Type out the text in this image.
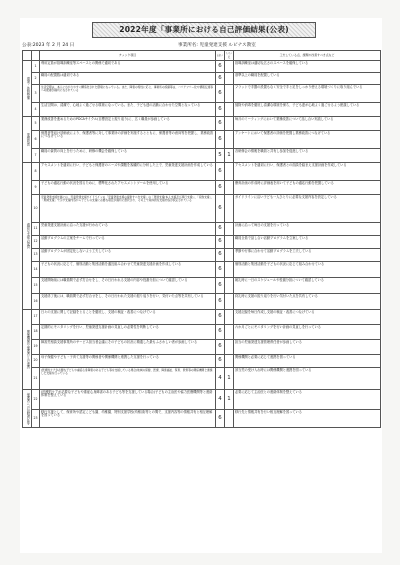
2022年度「事業所における自己評価結果(公表)
公表:2023 年 2 月 24 日	事業所名: 児童発達支援 ルピナス教室
		チェック項目	はい	いいえ	工夫している点、課題や改善すべき点など
環境・体制整備	1	利用定員が指導訓練室等スペースとの関係で適切である	6		指導訓練室は適切な広さのスペースを確保している
	2	職員の配置数は適切である	6		基準以上の職員を配置している
	3	生活空間は、本人にわかりやすく構造化された環境になっている。また、障害の特性に応じ、事業所の設備等は、バリアフリー化や情報伝達等への配慮が適切になされている	6		フラットで手摺の設置もなく安全で手と足をしっかり使える環境づくりに取り組んでいる
	4	生活空間は、清潔で、心地よく過ごせる環境になっている。また、子ども達の活動に合わせた空間となっている	6		掃除や消毒を徹底し清潔な環境を保ち、子ども達が心地よく過ごせるよう配慮している
業務改善	5	業務改善を進めるためのPDCAサイクル(目標設定と振り返り)に、広く職員が参画している	6		毎月のミーティングにおいて業務改善について話し合い実践している
	6	保護者等向け評価表により、保護者等に対して事業所の評価を実施するとともに、保護者等の意向等を把握し、業務改善につなげている	6		アンケートにおいて保護者の評価を把握し業務改善につなげている
	7	職員の資質の向上を行うために、研修の機会を確保している	5	1	各研修会の情報を職員と共有し参加を促進している
適切な支援の提供	8	アセスメントを適切に行い、子どもと保護者のニーズや課題を客観的に分析した上で、児童発達支援計画を作成している	6		アセスメントを適切に行い、保護者との面談を踏まえ支援計画を作成している
	9	子どもの適応行動の状況を図るために、標準化されたアセスメントツールを使用している	6		療育計画の作成時に評価表を用いて子どもの適応行動を把握している
	10	児童発達支援計画には、児童発達支援ガイドラインの「児童発達支援の提供すべき支援」の「発達支援(本人支援及び移行支援)」、「家族支援」、「地域支援」で示す支援内容から子どもの支援に必要な項目が適切に選択され、その上で具体的な支援内容が設定されている	6		ガイドラインに沿い子ども一人ひとりに必要な支援内容を設定している
	11	児童発達支援計画に沿った支援が行われている	6		計画に沿って毎日の支援を行っている
	12	活動プログラムの立案をチームで行っている	6		職員全員で話し合い活動プログラムを立案している
	13	活動プログラムが固定化しないよう工夫している	6		季節や行事に合わせて活動プログラムを工夫している
	14	子どもの状況に応じて、個別活動と集団活動を適宜組み合わせて児童発達支援計画を作成している	6		個別活動と集団活動を子どもの状況に応じて組み合わせている
	15	支援開始前には職員間で必ず打合せをし、その日行われる支援の内容や役割分担について確認している	6		朝礼時に一日のスケジュールや役割分担について確認している
	16	支援終了後には、職員間で必ず打合せをし、その日行われた支援の振り返りを行い、気付いた点等を共有している	6		終礼時に支援の振り返りを行い気付いた点を共有している
関係機関や保護者との連携	17	日々の支援に関して記録をとることを徹底し、支援の検証・改善につなげている	6		支援記録を毎日作成し支援の検証・改善につなげている
	18	定期的にモニタリングを行い、児童発達支援計画の見直しの必要性を判断している	6		六か月ごとにモニタリングを行い計画の見直しを行っている
	19	障害児相談支援事業所のサービス担当者会議にその子どもの状況に精通した最もふさわしい者が参画している	6		担当の児童発達支援管理責任者が参画している
	20	母子保健や子ども・子育て支援等の関係者や関係機関と連携した支援を行っている	6		関係機関と必要に応じて連携を図っている
	21	(医療的ケアが必要な子どもや重症心身障害のある子ども等を支援している場合)地域の保健、医療、障害福祉、保育、教育等の関係機関と連携した支援を行っている	4	1	該当児の受け入れ時には関係機関と連携を図っている
保護者への説明責任等	22	(医療的ケアが必要な子どもや重症心身障害のある子ども等を支援している場合)子どもの主治医や協力医療機関等と連絡体制を整えている	4	1	必要に応じて主治医との連絡体制を整えている
	23	移行支援として、保育所や認定こども園、幼稚園、特別支援学校(幼稚部)等との間で、支援内容等の情報共有と相互理解を図っている	6		移行先と情報共有を行い相互理解を図っている
